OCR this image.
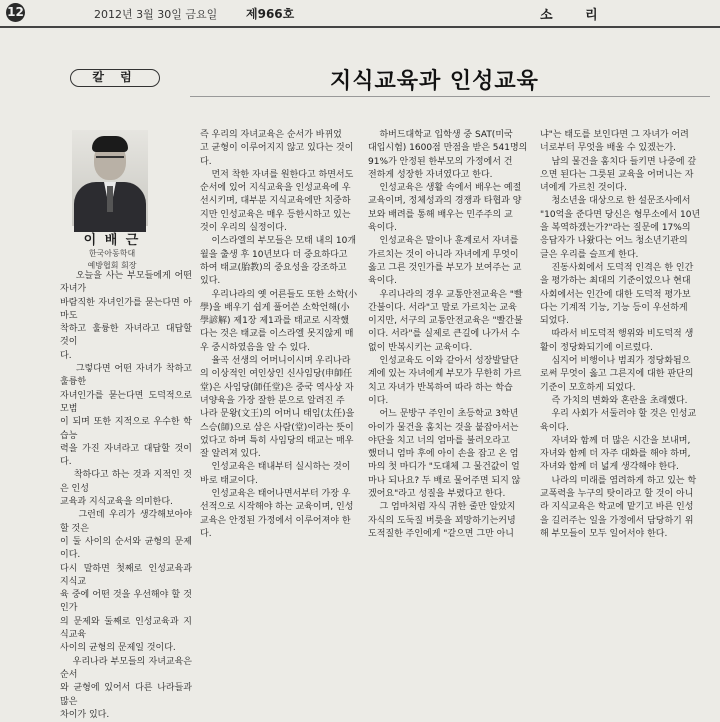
12	2012년 3월 30일 금요일 제966호	소 리
칼 럼	지식교육과 인성교육
이 배 근
한국아동학대
예방협회 회장
오늘을 사는 부모들에게 어떤 자녀가
바람직한 자녀인가를 묻는다면 아마도
착하고 훌륭한 자녀라고 대답할 것이
다.
그렇다면 어떤 자녀가 착하고 훌륭한
자녀인가를 묻는다면 도덕적으로 모범
이 되며 또한 지적으로 우수한 학습능
력을 가진 자녀라고 대답할 것이다.
착하다고 하는 것과 지적인 것은 인성
교육과 지식교육을 의미한다.
그런데 우리가 생각해보아야 할 것은
이 둘 사이의 순서와 균형의 문제이다.
다시 말하면 첫째로 인성교육과 지식교
육 중에 어떤 것을 우선해야 할 것인가
의 문제와 둘째로 인성교육과 지식교육
사이의 균형의 문제일 것이다.
우리나라 부모들의 자녀교육은 순서
와 균형에 있어서 다른 나라들과 많은
차이가 있다.
즉 우리의 자녀교육은 순서가 바뀌었
고 균형이 이루어지지 않고 있다는 것이
다.
먼저 착한 자녀를 원한다고 하면서도
순서에 있어 지식교육을 인성교육에 우
선시키며, 대부분 지식교육에만 치중하
지만 인성교육은 매우 등한시하고 있는
것이 우리의 실정이다.
이스라엘의 부모들은 모태 내의 10개
월을 출생 후 10년보다 더 중요하다고
하여 태교(胎教)의 중요성을 강조하고
있다.
우리나라의 옛 어른들도 또한 소학(小
學)을 배우기 쉽게 풀어쓴 소학언해(小
學諺解) 제1장 제1과를 태교로 시작했
다는 것은 태교를 이스라엘 못지않게 매
우 중시하였음을 알 수 있다.
율곡 선생의 어머니이시며 우리나라
의 이상적인 여인상인 신사임당(申師任
堂)은 사임당(師任堂)은 중국 역사상 자
녀양육을 가장 잘한 분으로 알려진 주
나라 문왕(文王)의 어머니 태임(太任)을
스승(師)으로 삼은 사람(堂)이라는 뜻이
었다고 하며 특히 사임당의 태교는 매우
잘 알려져 있다.
인성교육은 태내부터 실시하는 것이
바로 태교이다.
인성교육은 태어나면서부터 가장 우
선적으로 시작해야 하는 교육이며, 인성
교육은 안정된 가정에서 이루어져야 한
다.
하버드대학교 입학생 중 SAT(미국
대입시험) 1600점 만점을 받은 541명의
91%가 안정된 한부모의 가정에서 건
전하게 성장한 자녀였다고 한다.
인성교육은 생활 속에서 배우는 예절
교육이며, 정체성과의 경쟁과 타협과 양
보와 배려를 통해 배우는 민주주의 교
육이다.
인성교육은 말이나 훈계로서 자녀를
가르치는 것이 아니라 자녀에게 무엇이
옳고 그른 것인가를 부모가 보여주는 교
육이다.
우리나라의 경우 교통안전교육은 "빨
간불이다. 서라"고 말로 가르치는 교육
이지만, 서구의 교통안전교육은 "빨간불
이다. 서라"를 실제로 큰길에 나가서 수
없이 반복시키는 교육이다.
인성교육도 이와 같아서 성장발달단
계에 있는 자녀에게 부모가 무한히 가르
치고 자녀가 반복하여 따라 하는 학습
이다.
어느 문방구 주인이 초등학교 3학년
아이가 물건을 훔치는 것을 붙잡아서는
야단을 치고 너의 엄마를 불러오라고
했더니 엄마 후에 아이 손을 잡고 온 엄
마의 첫 마디가 "도대체 그 물건값이 얼
마나 되나요? 두 배로 물어주면 되지 않
겠어요"라고 성질을 부렸다고 한다.
그 엄마처럼 자식 귀한 줄만 알았지
자식의 도둑질 버릇을 꾀망하기는커녕
도적질한 주인에게 "같으면 그만 아니
냐"는 태도를 보인다면 그 자녀가 어려
너로부터 무엇을 배울 수 있겠는가.
남의 물건을 훔치다 들키면 나중에 갚
으면 된다는 그릇된 교육을 어머니는 자
녀에게 가르친 것이다.
청소년을 대상으로 한 설문조사에서
"10억을 준다면 당신은 형무소에서 10년
을 복역하겠는가?"라는 질문에 17%의
응답자가 나왔다는 어느 청소년기관의
글은 우리를 슬프게 한다.
진동사회에서 도덕적 인격은 한 인간
을 평가하는 최대의 기준이었으나 현대
사회에서는 인간에 대한 도덕적 평가보
다는 기계적 기능, 기능 등이 우선하게
되었다.
따라서 비도덕적 행위와 비도덕적 생
활이 정당화되기에 이르렀다.
심지어 비행이나 범죄가 정당화됨으
로써 무엇이 옳고 그른지에 대한 판단의
기준이 모호하게 되었다.
즉 가치의 변화와 혼란을 초래했다.
우리 사회가 서둘러야 할 것은 인성교
육이다.
자녀와 함께 더 많은 시간을 보내며,
자녀와 함께 더 자주 대화를 해야 하며,
자녀와 함께 더 넓게 생각해야 한다.
나라의 미래를 염려하게 하고 있는 학
교폭력을 누구의 탓이라고 할 것이 아니
라 지식교육은 학교에 맡기고 바른 인성
을 길러주는 일을 가정에서 담당하기 위
해 부모들이 모두 일어서야 한다.
